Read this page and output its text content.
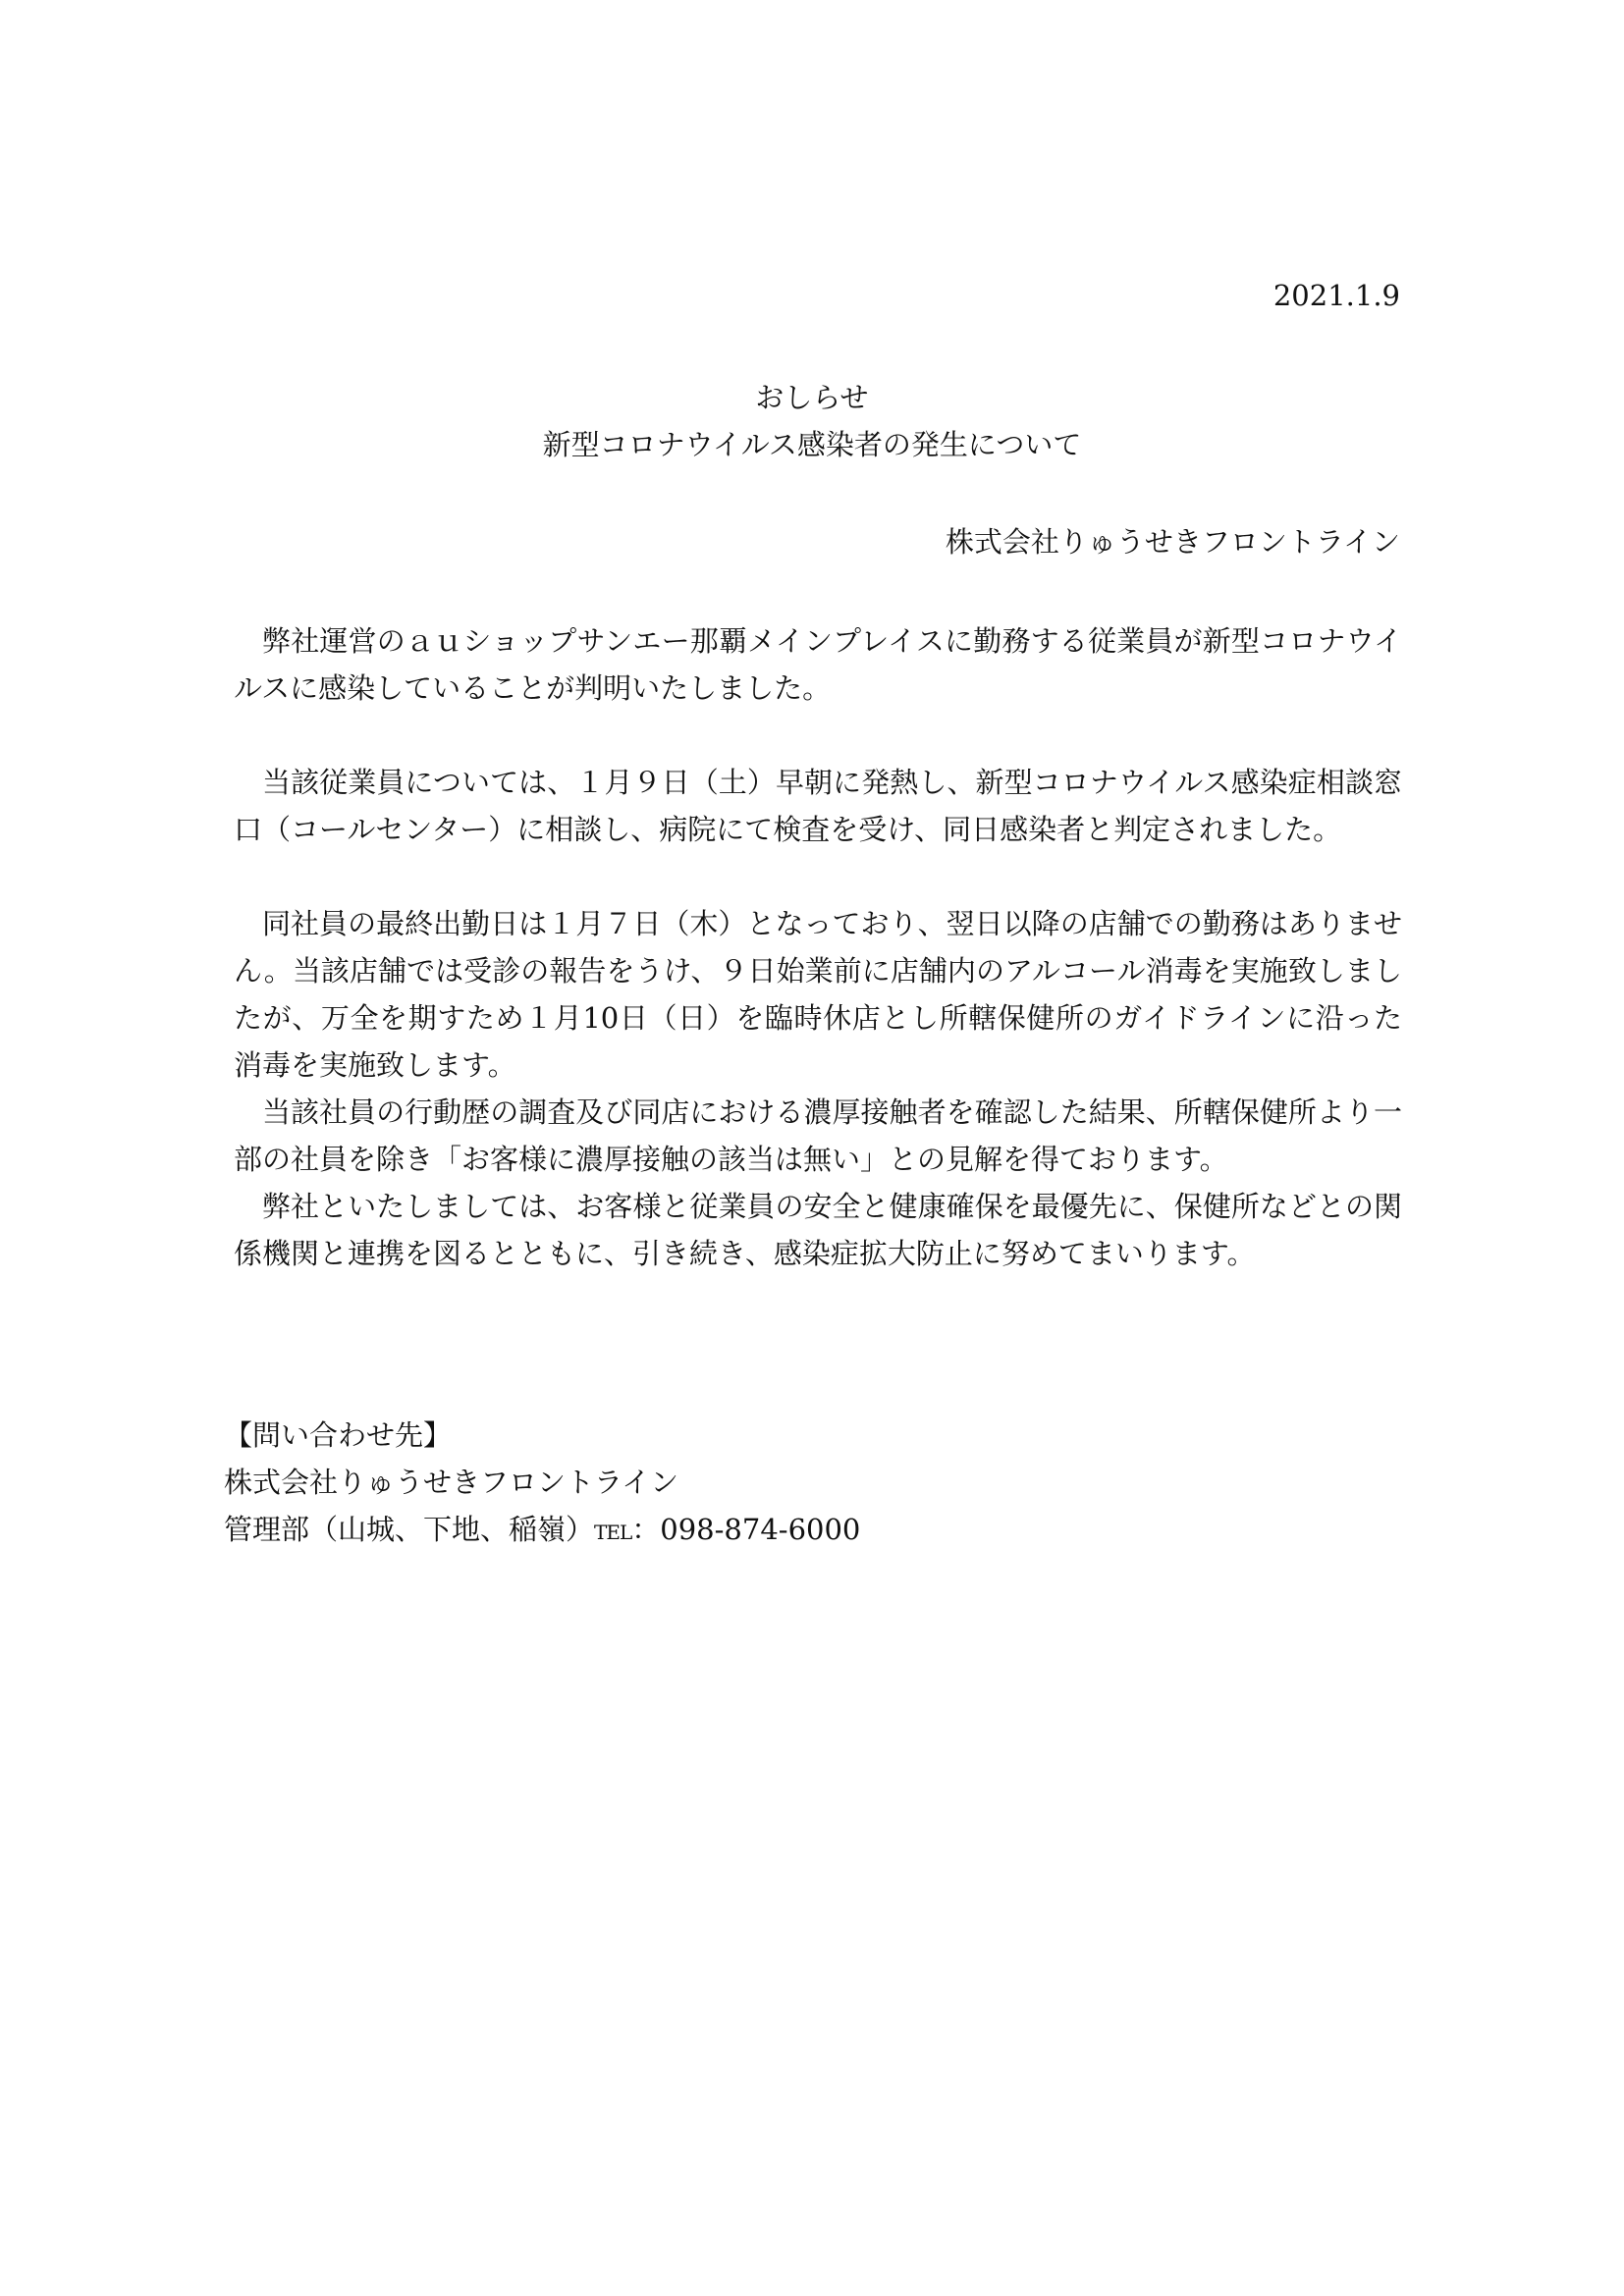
2021.1.9
おしらせ
新型コロナウイルス感染者の発生について
株式会社りゅうせきフロントライン

弊社運営のａｕショップサンエー那覇メインプレイスに勤務する従業員が新型コロナウイルスに感染していることが判明いたしました。

当該従業員については、１月９日（土）早朝に発熱し、新型コロナウイルス感染症相談窓口（コールセンター）に相談し、病院にて検査を受け、同日感染者と判定されました。

同社員の最終出勤日は１月７日（木）となっており、翌日以降の店舗での勤務はありません。当該店舗では受診の報告をうけ、９日始業前に店舗内のアルコール消毒を実施致しましたが、万全を期すため１月10日（日）を臨時休店とし所轄保健所のガイドラインに沿った消毒を実施致します。

当該社員の行動歴の調査及び同店における濃厚接触者を確認した結果、所轄保健所より一部の社員を除き「お客様に濃厚接触の該当は無い」との見解を得ております。

弊社といたしましては、お客様と従業員の安全と健康確保を最優先に、保健所などとの関係機関と連携を図るとともに、引き続き、感染症拡大防止に努めてまいります。

【問い合わせ先】
株式会社りゅうせきフロントライン
管理部（山城、下地、稲嶺）TEL：098-874-6000
